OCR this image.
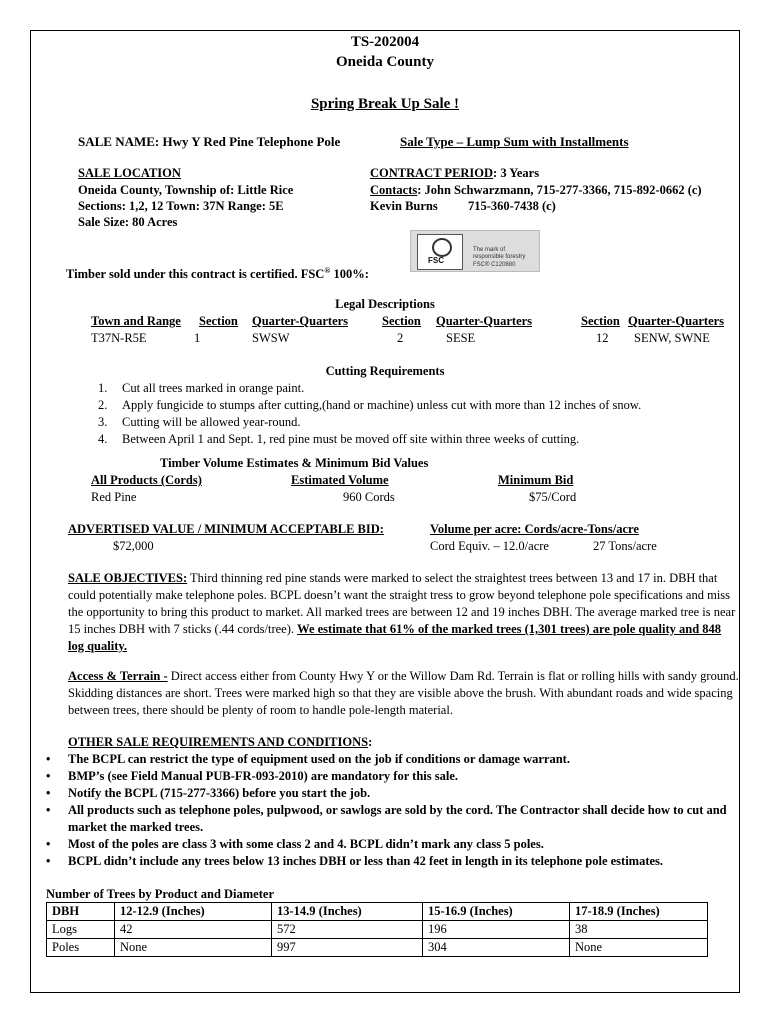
TS-202004
Oneida County
Spring Break Up Sale !
SALE NAME: Hwy Y Red Pine Telephone Pole	Sale Type – Lump Sum with Installments
SALE LOCATION
Oneida County, Township of: Little Rice
Sections: 1,2, 12 Town: 37N Range: 5E
Sale Size: 80 Acres
CONTRACT PERIOD: 3 Years
Contacts: John Schwarzmann, 715-277-3366, 715-892-0662 (c)
Kevin Burns 715-360-7438 (c)
FSC
The mark of
responsible forestry
FSC® C120880
Timber sold under this contract is certified. FSC® 100%:
Legal Descriptions
Town and Range Section Quarter-Quarters	Section Quarter-Quarters	Section Quarter-Quarters
T37N-R5E	1	SWSW	2	SESE	12 SENW, SWNE
Cutting Requirements
1. Cut all trees marked in orange paint.
2. Apply fungicide to stumps after cutting,(hand or machine) unless cut with more than 12 inches of snow.
3. Cutting will be allowed year-round.
4. Between April 1 and Sept. 1, red pine must be moved off site within three weeks of cutting.
Timber Volume Estimates & Minimum Bid Values
All Products (Cords)	Estimated Volume	Minimum Bid
Red Pine	960 Cords	$75/Cord
ADVERTISED VALUE / MINIMUM ACCEPTABLE BID:	Volume per acre: Cords/acre-Tons/acre
$72,000	Cord Equiv. – 12.0/acre	27 Tons/acre
SALE OBJECTIVES: Third thinning red pine stands were marked to select the straightest trees between 13 and 17 in. DBH that could potentially make telephone poles. BCPL doesn’t want the straight tress to grow beyond telephone pole specifications and miss the opportunity to bring this product to market. All marked trees are between 12 and 19 inches DBH. The average marked tree is near 15 inches DBH with 7 sticks (.44 cords/tree). We estimate that 61% of the marked trees (1,301 trees) are pole quality and 848 log quality.
Access & Terrain - Direct access either from County Hwy Y or the Willow Dam Rd. Terrain is flat or rolling hills with sandy ground. Skidding distances are short. Trees were marked high so that they are visible above the brush. With abundant roads and wide spacing between trees, there should be plenty of room to handle pole-length material.
OTHER SALE REQUIREMENTS AND CONDITIONS:
• The BCPL can restrict the type of equipment used on the job if conditions or damage warrant.
• BMP’s (see Field Manual PUB-FR-093-2010) are mandatory for this sale.
• Notify the BCPL (715-277-3366) before you start the job.
• All products such as telephone poles, pulpwood, or sawlogs are sold by the cord. The Contractor shall decide how to cut and market the marked trees.
• Most of the poles are class 3 with some class 2 and 4. BCPL didn’t mark any class 5 poles.
• BCPL didn’t include any trees below 13 inches DBH or less than 42 feet in length in its telephone pole estimates.
Number of Trees by Product and Diameter
DBH	12-12.9 (Inches)	13-14.9 (Inches)	15-16.9 (Inches)	17-18.9 (Inches)
Logs	42	572	196	38
Poles	None	997	304	None
